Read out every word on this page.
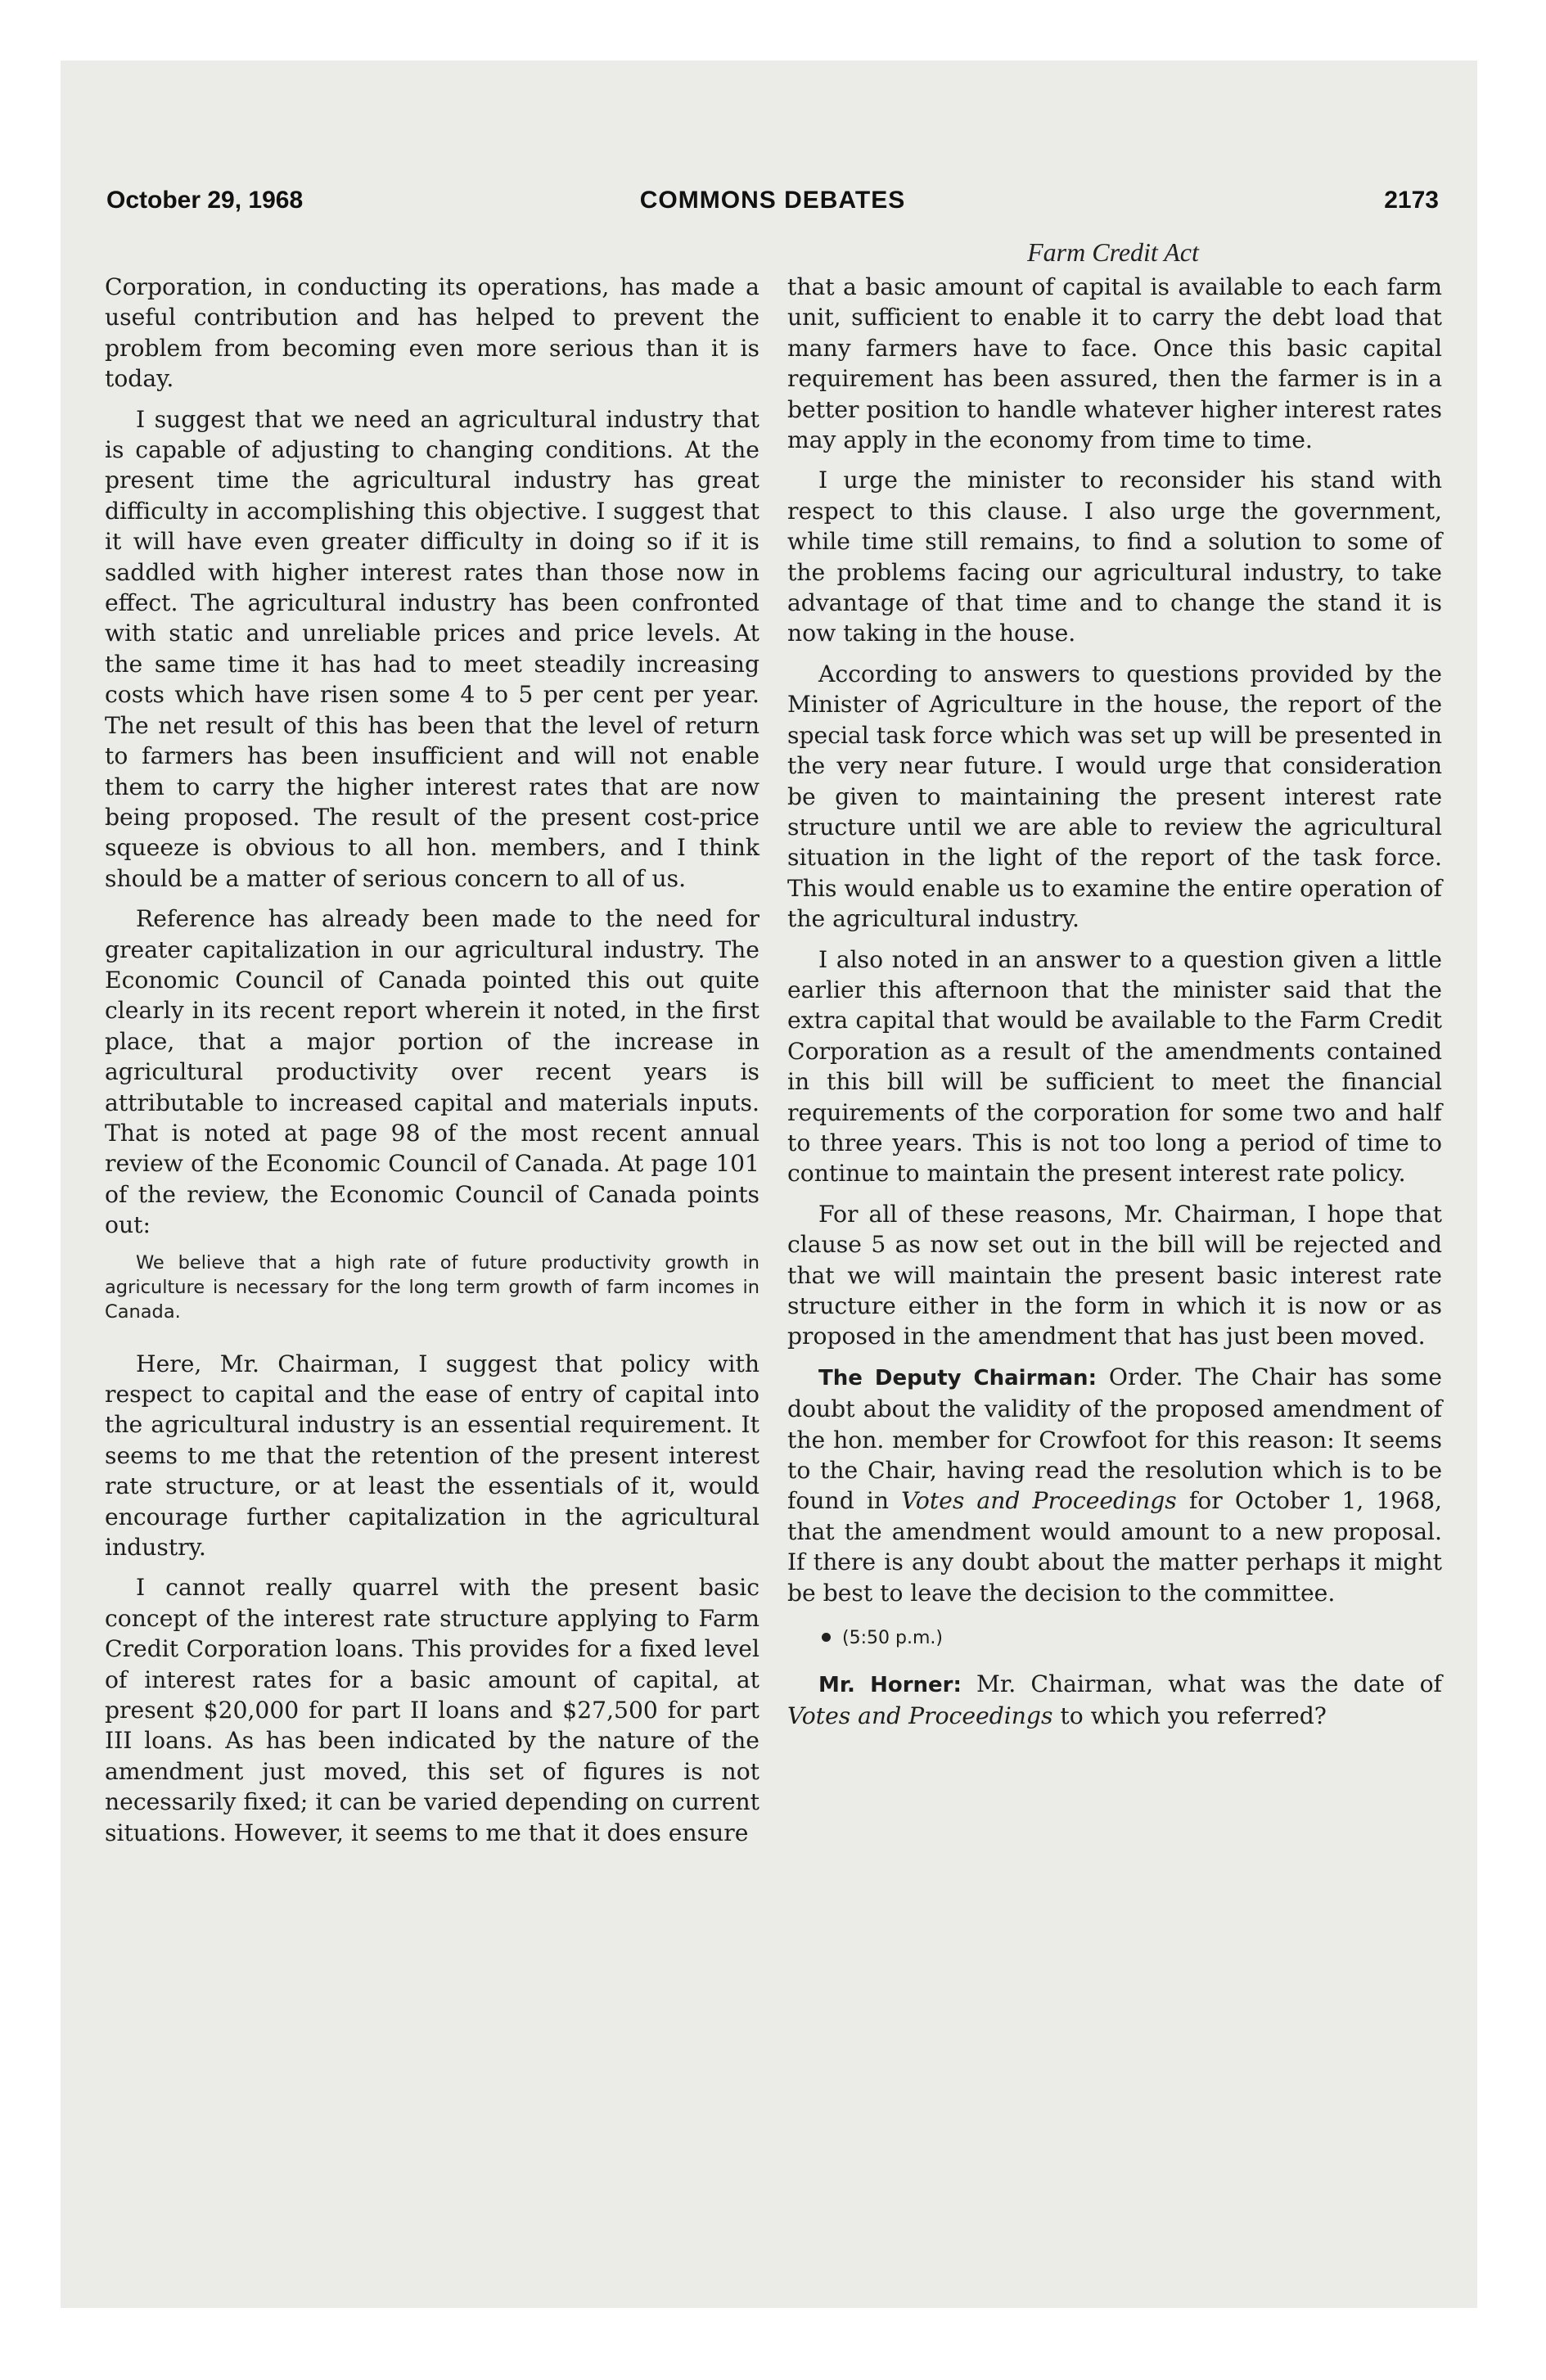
October 29, 1968	COMMONS DEBATES	2173
Farm Credit Act

Corporation, in conducting its operations, has made a useful contribution and has helped to prevent the problem from becoming even more serious than it is today.

I suggest that we need an agricultural industry that is capable of adjusting to changing conditions. At the present time the agricultural industry has great difficulty in accomplishing this objective. I suggest that it will have even greater difficulty in doing so if it is saddled with higher interest rates than those now in effect. The agricultural industry has been confronted with static and unreliable prices and price levels. At the same time it has had to meet steadily increasing costs which have risen some 4 to 5 per cent per year. The net result of this has been that the level of return to farmers has been insufficient and will not enable them to carry the higher interest rates that are now being proposed. The result of the present cost-price squeeze is obvious to all hon. members, and I think should be a matter of serious concern to all of us.

Reference has already been made to the need for greater capitalization in our agricultural industry. The Economic Council of Canada pointed this out quite clearly in its recent report wherein it noted, in the first place, that a major portion of the increase in agricultural productivity over recent years is attributable to increased capital and materials inputs. That is noted at page 98 of the most recent annual review of the Economic Council of Canada. At page 101 of the review, the Economic Council of Canada points out:

We believe that a high rate of future productivity growth in agriculture is necessary for the long term growth of farm incomes in Canada.

Here, Mr. Chairman, I suggest that policy with respect to capital and the ease of entry of capital into the agricultural industry is an essential requirement. It seems to me that the retention of the present interest rate structure, or at least the essentials of it, would encourage further capitalization in the agricultural industry.

I cannot really quarrel with the present basic concept of the interest rate structure applying to Farm Credit Corporation loans. This provides for a fixed level of interest rates for a basic amount of capital, at present $20,000 for part II loans and $27,500 for part III loans. As has been indicated by the nature of the amendment just moved, this set of figures is not necessarily fixed; it can be varied depending on current situations. However, it seems to me that it does ensure

that a basic amount of capital is available to each farm unit, sufficient to enable it to carry the debt load that many farmers have to face. Once this basic capital requirement has been assured, then the farmer is in a better position to handle whatever higher interest rates may apply in the economy from time to time.

I urge the minister to reconsider his stand with respect to this clause. I also urge the government, while time still remains, to find a solution to some of the problems facing our agricultural industry, to take advantage of that time and to change the stand it is now taking in the house.

According to answers to questions provided by the Minister of Agriculture in the house, the report of the special task force which was set up will be presented in the very near future. I would urge that consideration be given to maintaining the present interest rate structure until we are able to review the agricultural situation in the light of the report of the task force. This would enable us to examine the entire operation of the agricultural industry.

I also noted in an answer to a question given a little earlier this afternoon that the minister said that the extra capital that would be available to the Farm Credit Corporation as a result of the amendments contained in this bill will be sufficient to meet the financial requirements of the corporation for some two and half to three years. This is not too long a period of time to continue to maintain the present interest rate policy.

For all of these reasons, Mr. Chairman, I hope that clause 5 as now set out in the bill will be rejected and that we will maintain the present basic interest rate structure either in the form in which it is now or as proposed in the amendment that has just been moved.

The Deputy Chairman: Order. The Chair has some doubt about the validity of the proposed amendment of the hon. member for Crowfoot for this reason: It seems to the Chair, having read the resolution which is to be found in Votes and Proceedings for October 1, 1968, that the amendment would amount to a new proposal. If there is any doubt about the matter perhaps it might be best to leave the decision to the committee.

(5:50 p.m.)

Mr. Horner: Mr. Chairman, what was the date of Votes and Proceedings to which you referred?
